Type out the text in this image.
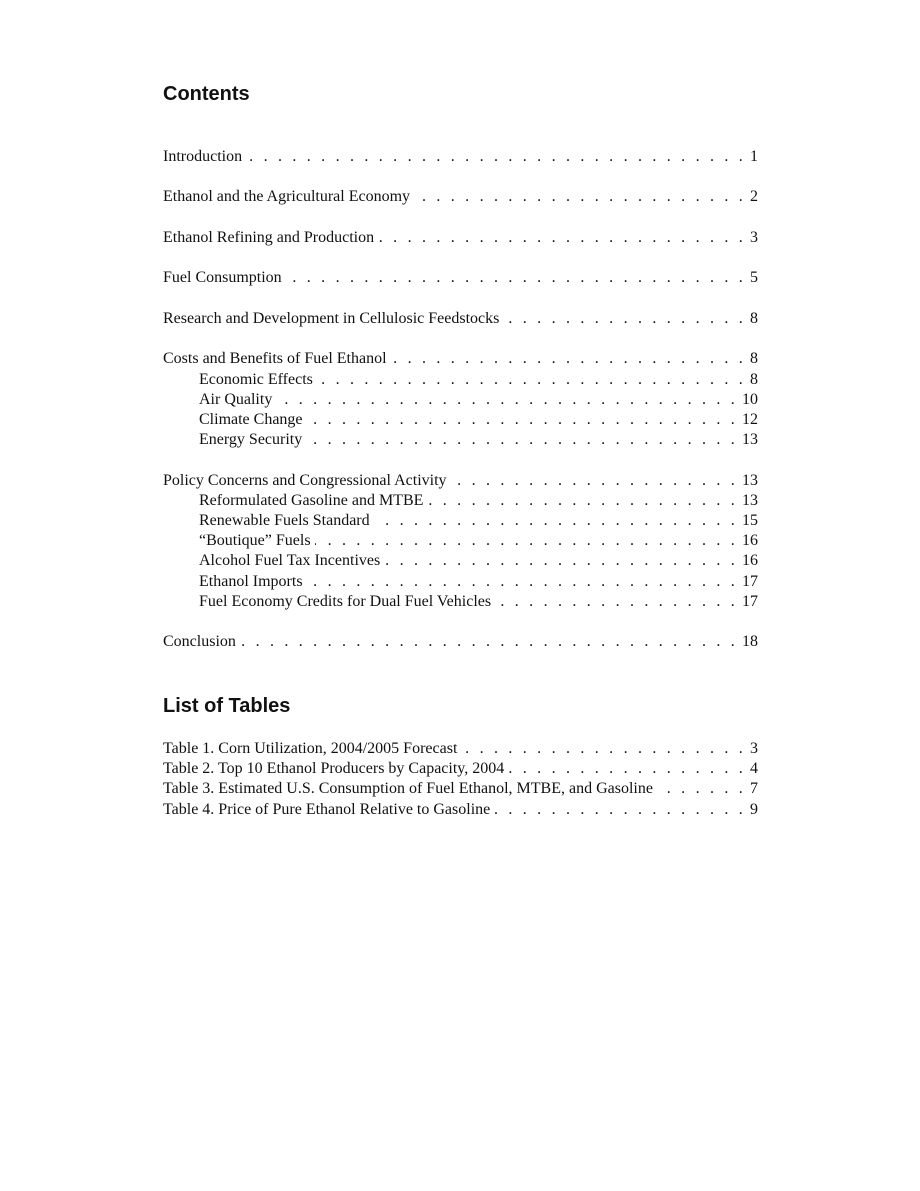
Contents
Introduction . . .	1
Ethanol and the Agricultural Economy . . .	2
Ethanol Refining and Production . . .	3
Fuel Consumption . . .	5
Research and Development in Cellulosic Feedstocks . . .	8
Costs and Benefits of Fuel Ethanol . . .	8
Economic Effects . . .	8
Air Quality . . .	10
Climate Change . . .	12
Energy Security . . .	13
Policy Concerns and Congressional Activity . . .	13
Reformulated Gasoline and MTBE . . .	13
Renewable Fuels Standard . . .	15
“Boutique” Fuels . . .	16
Alcohol Fuel Tax Incentives . . .	16
Ethanol Imports . . .	17
Fuel Economy Credits for Dual Fuel Vehicles . . .	17
Conclusion . . .	18
List of Tables
Table 1. Corn Utilization, 2004/2005 Forecast . . .	3
Table 2. Top 10 Ethanol Producers by Capacity, 2004 . . .	4
Table 3. Estimated U.S. Consumption of Fuel Ethanol, MTBE, and Gasoline . . .	7
Table 4. Price of Pure Ethanol Relative to Gasoline . . .	9
